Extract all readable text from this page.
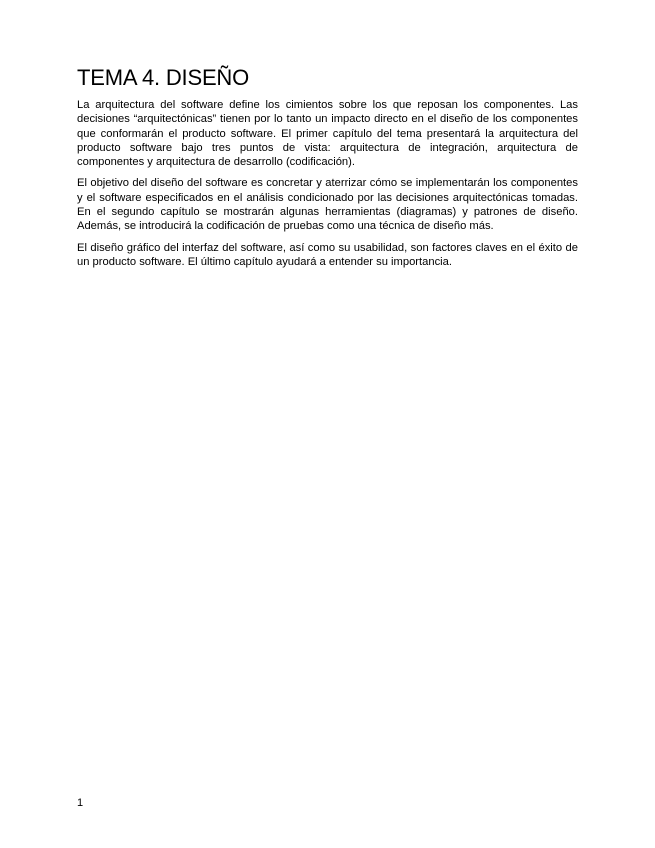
TEMA 4. DISEÑO

La arquitectura del software define los cimientos sobre los que reposan los componentes. Las decisiones “arquitectónicas” tienen por lo tanto un impacto directo en el diseño de los componentes que conformarán el producto software. El primer capítulo del tema presentará la arquitectura del producto software bajo tres puntos de vista: arquitectura de integración, arquitectura de componentes y arquitectura de desarrollo (codificación).

El objetivo del diseño del software es concretar y aterrizar cómo se implementarán los componentes y el software especificados en el análisis condicionado por las decisiones arquitectónicas tomadas. En el segundo capítulo se mostrarán algunas herramientas (diagramas) y patrones de diseño. Además, se introducirá la codificación de pruebas como una técnica de diseño más.

El diseño gráfico del interfaz del software, así como su usabilidad, son factores claves en el éxito de un producto software. El último capítulo ayudará a entender su importancia.

1
